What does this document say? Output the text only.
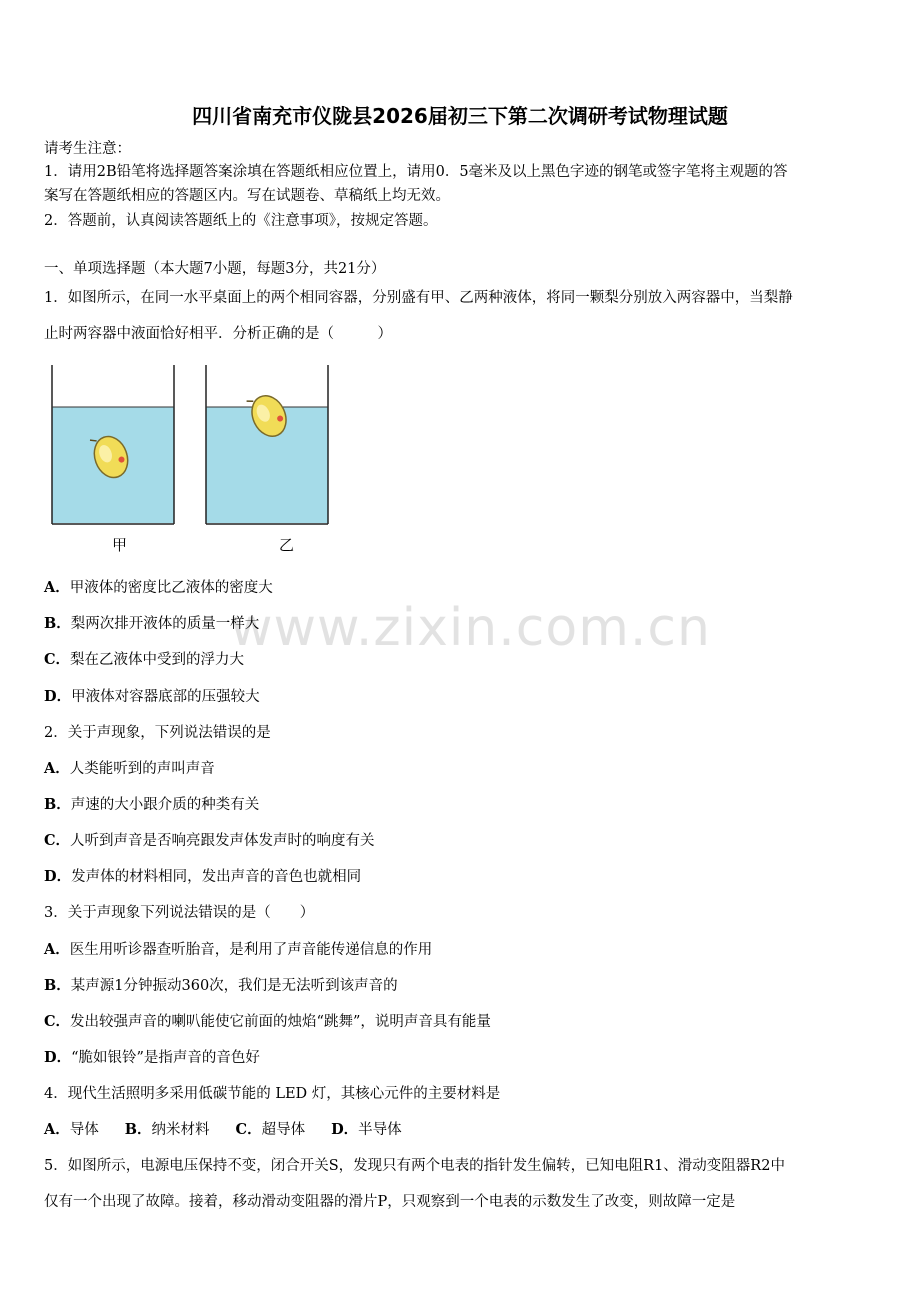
四川省南充市仪陇县2026届初三下第二次调研考试物理试题
请考生注意：
1．请用2B铅笔将选择题答案涂填在答题纸相应位置上，请用0．5毫米及以上黑色字迹的钢笔或签字笔将主观题的答
案写在答题纸相应的答题区内。写在试题卷、草稿纸上均无效。
2．答题前，认真阅读答题纸上的《注意事项》，按规定答题。
一、单项选择题（本大题7小题，每题3分，共21分）
1．如图所示，在同一水平桌面上的两个相同容器，分别盛有甲、乙两种液体，将同一颗梨分别放入两容器中，当梨静
止时两容器中液面恰好相平．分析正确的是（　　　）
甲	乙
www.zixin.com.cn
A．甲液体的密度比乙液体的密度大
B．梨两次排开液体的质量一样大
C．梨在乙液体中受到的浮力大
D．甲液体对容器底部的压强较大
2．关于声现象，下列说法错误的是
A．人类能听到的声叫声音
B．声速的大小跟介质的种类有关
C．人听到声音是否响亮跟发声体发声时的响度有关
D．发声体的材料相同，发出声音的音色也就相同
3．关于声现象下列说法错误的是（　　）
A．医生用听诊器查听胎音，是利用了声音能传递信息的作用
B．某声源1分钟振动360次，我们是无法听到该声音的
C．发出较强声音的喇叭能使它前面的烛焰“跳舞”，说明声音具有能量
D．“脆如银铃”是指声音的音色好
4．现代生活照明多采用低碳节能的 LED 灯，其核心元件的主要材料是
A．导体 B．纳米材料 C．超导体 D．半导体
5．如图所示，电源电压保持不变，闭合开关S，发现只有两个电表的指针发生偏转，已知电阻R1、滑动变阻器R2中
仅有一个出现了故障。接着，移动滑动变阻器的滑片P，只观察到一个电表的示数发生了改变，则故障一定是
